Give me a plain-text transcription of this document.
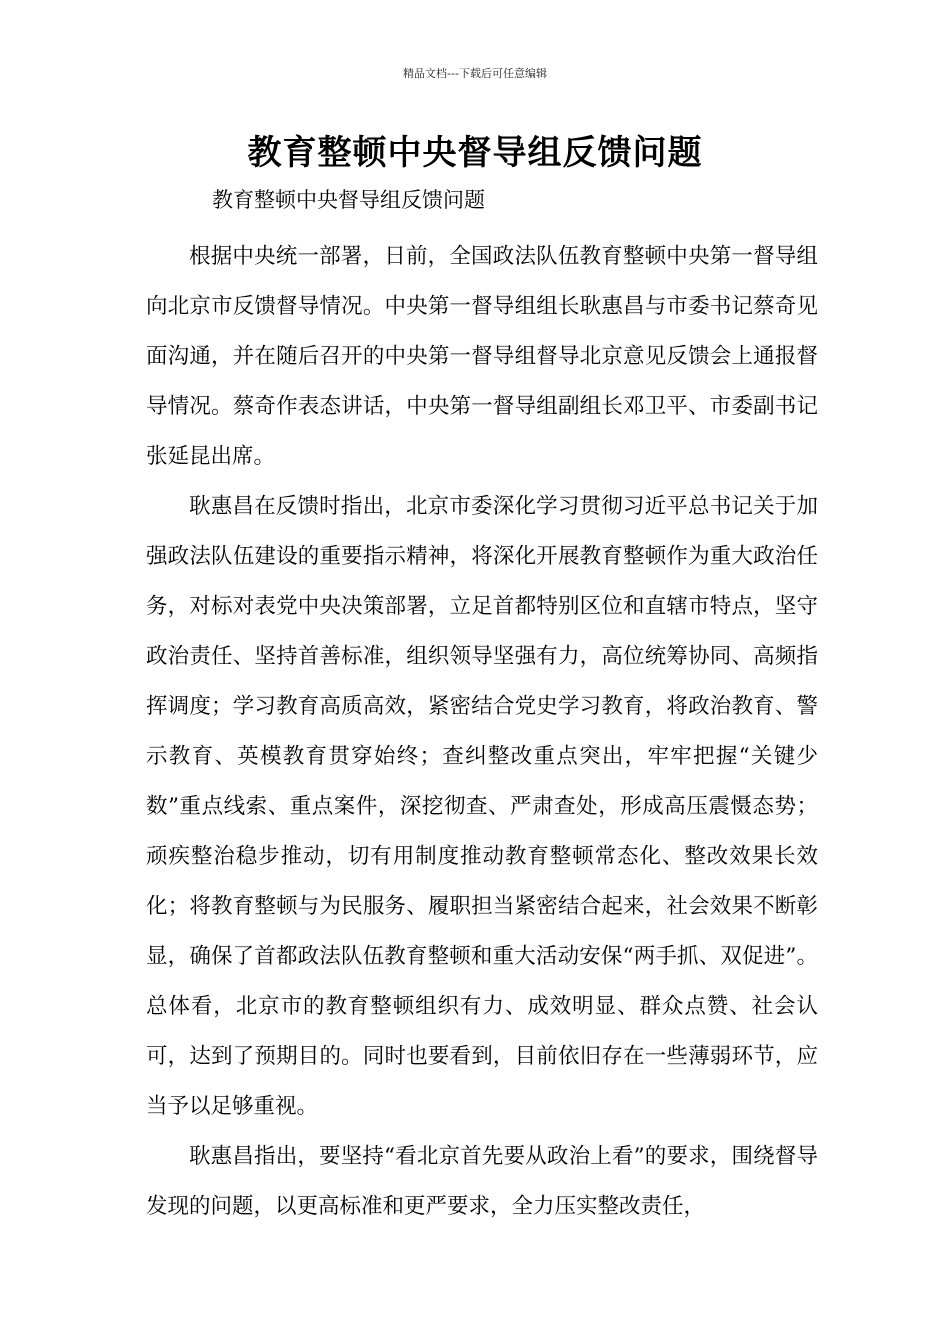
精品文档---下载后可任意编辑
教育整顿中央督导组反馈问题
教育整顿中央督导组反馈问题

根据中央统一部署，日前，全国政法队伍教育整顿中央第一督导组向北京市反馈督导情况。中央第一督导组组长耿惠昌与市委书记蔡奇见面沟通，并在随后召开的中央第一督导组督导北京意见反馈会上通报督导情况。蔡奇作表态讲话，中央第一督导组副组长邓卫平、市委副书记张延昆出席。

耿惠昌在反馈时指出，北京市委深化学习贯彻习近平总书记关于加强政法队伍建设的重要指示精神，将深化开展教育整顿作为重大政治任务，对标对表党中央决策部署，立足首都特别区位和直辖市特点，坚守政治责任、坚持首善标准，组织领导坚强有力，高位统筹协同、高频指挥调度；学习教育高质高效，紧密结合党史学习教育，将政治教育、警示教育、英模教育贯穿始终；查纠整改重点突出，牢牢把握“关键少数”重点线索、重点案件，深挖彻查、严肃查处，形成高压震慑态势；顽疾整治稳步推动，切有用制度推动教育整顿常态化、整改效果长效化；将教育整顿与为民服务、履职担当紧密结合起来，社会效果不断彰显，确保了首都政法队伍教育整顿和重大活动安保“两手抓、双促进”。总体看，北京市的教育整顿组织有力、成效明显、群众点赞、社会认可，达到了预期目的。同时也要看到，目前依旧存在一些薄弱环节，应当予以足够重视。

耿惠昌指出，要坚持“看北京首先要从政治上看”的要求，围绕督导发现的问题，以更高标准和更严要求，全力压实整改责任，
